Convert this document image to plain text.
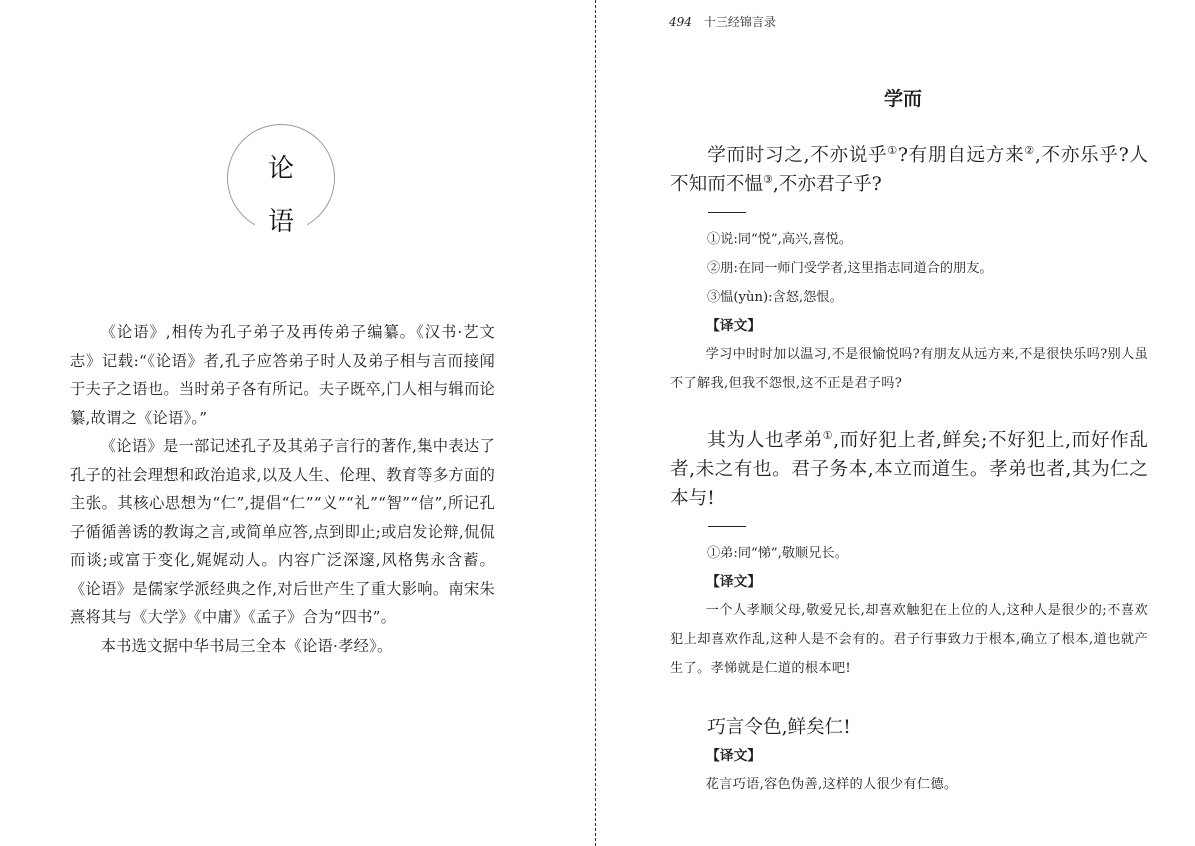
论
语

《论语》,相传为孔子弟子及再传弟子编纂。《汉书·艺文志》记载:“《论语》者,孔子应答弟子时人及弟子相与言而接闻于夫子之语也。当时弟子各有所记。夫子既卒,门人相与辑而论纂,故谓之《论语》。”

《论语》是一部记述孔子及其弟子言行的著作,集中表达了孔子的社会理想和政治追求,以及人生、伦理、教育等多方面的主张。其核心思想为“仁”,提倡“仁”“义”“礼”“智”“信”,所记孔子循循善诱的教诲之言,或简单应答,点到即止;或启发论辩,侃侃而谈;或富于变化,娓娓动人。内容广泛深邃,风格隽永含蓄。《论语》是儒家学派经典之作,对后世产生了重大影响。南宋朱熹将其与《大学》《中庸》《孟子》合为“四书”。

本书选文据中华书局三全本《论语·孝经》。

494 十三经锦言录
学而

学而时习之,不亦说乎①?有朋自远方来②,不亦乐乎?人不知而不愠③,不亦君子乎?

①说:同“悦”,高兴,喜悦。

②朋:在同一师门受学者,这里指志同道合的朋友。

③愠(yùn):含怒,怨恨。

【译文】

学习中时时加以温习,不是很愉悦吗?有朋友从远方来,不是很快乐吗?别人虽不了解我,但我不怨恨,这不正是君子吗?

其为人也孝弟①,而好犯上者,鲜矣;不好犯上,而好作乱者,未之有也。君子务本,本立而道生。孝弟也者,其为仁之本与!

①弟:同“悌”,敬顺兄长。

【译文】

一个人孝顺父母,敬爱兄长,却喜欢触犯在上位的人,这种人是很少的;不喜欢犯上却喜欢作乱,这种人是不会有的。君子行事致力于根本,确立了根本,道也就产生了。孝悌就是仁道的根本吧!

巧言令色,鲜矣仁!

【译文】

花言巧语,容色伪善,这样的人很少有仁德。
